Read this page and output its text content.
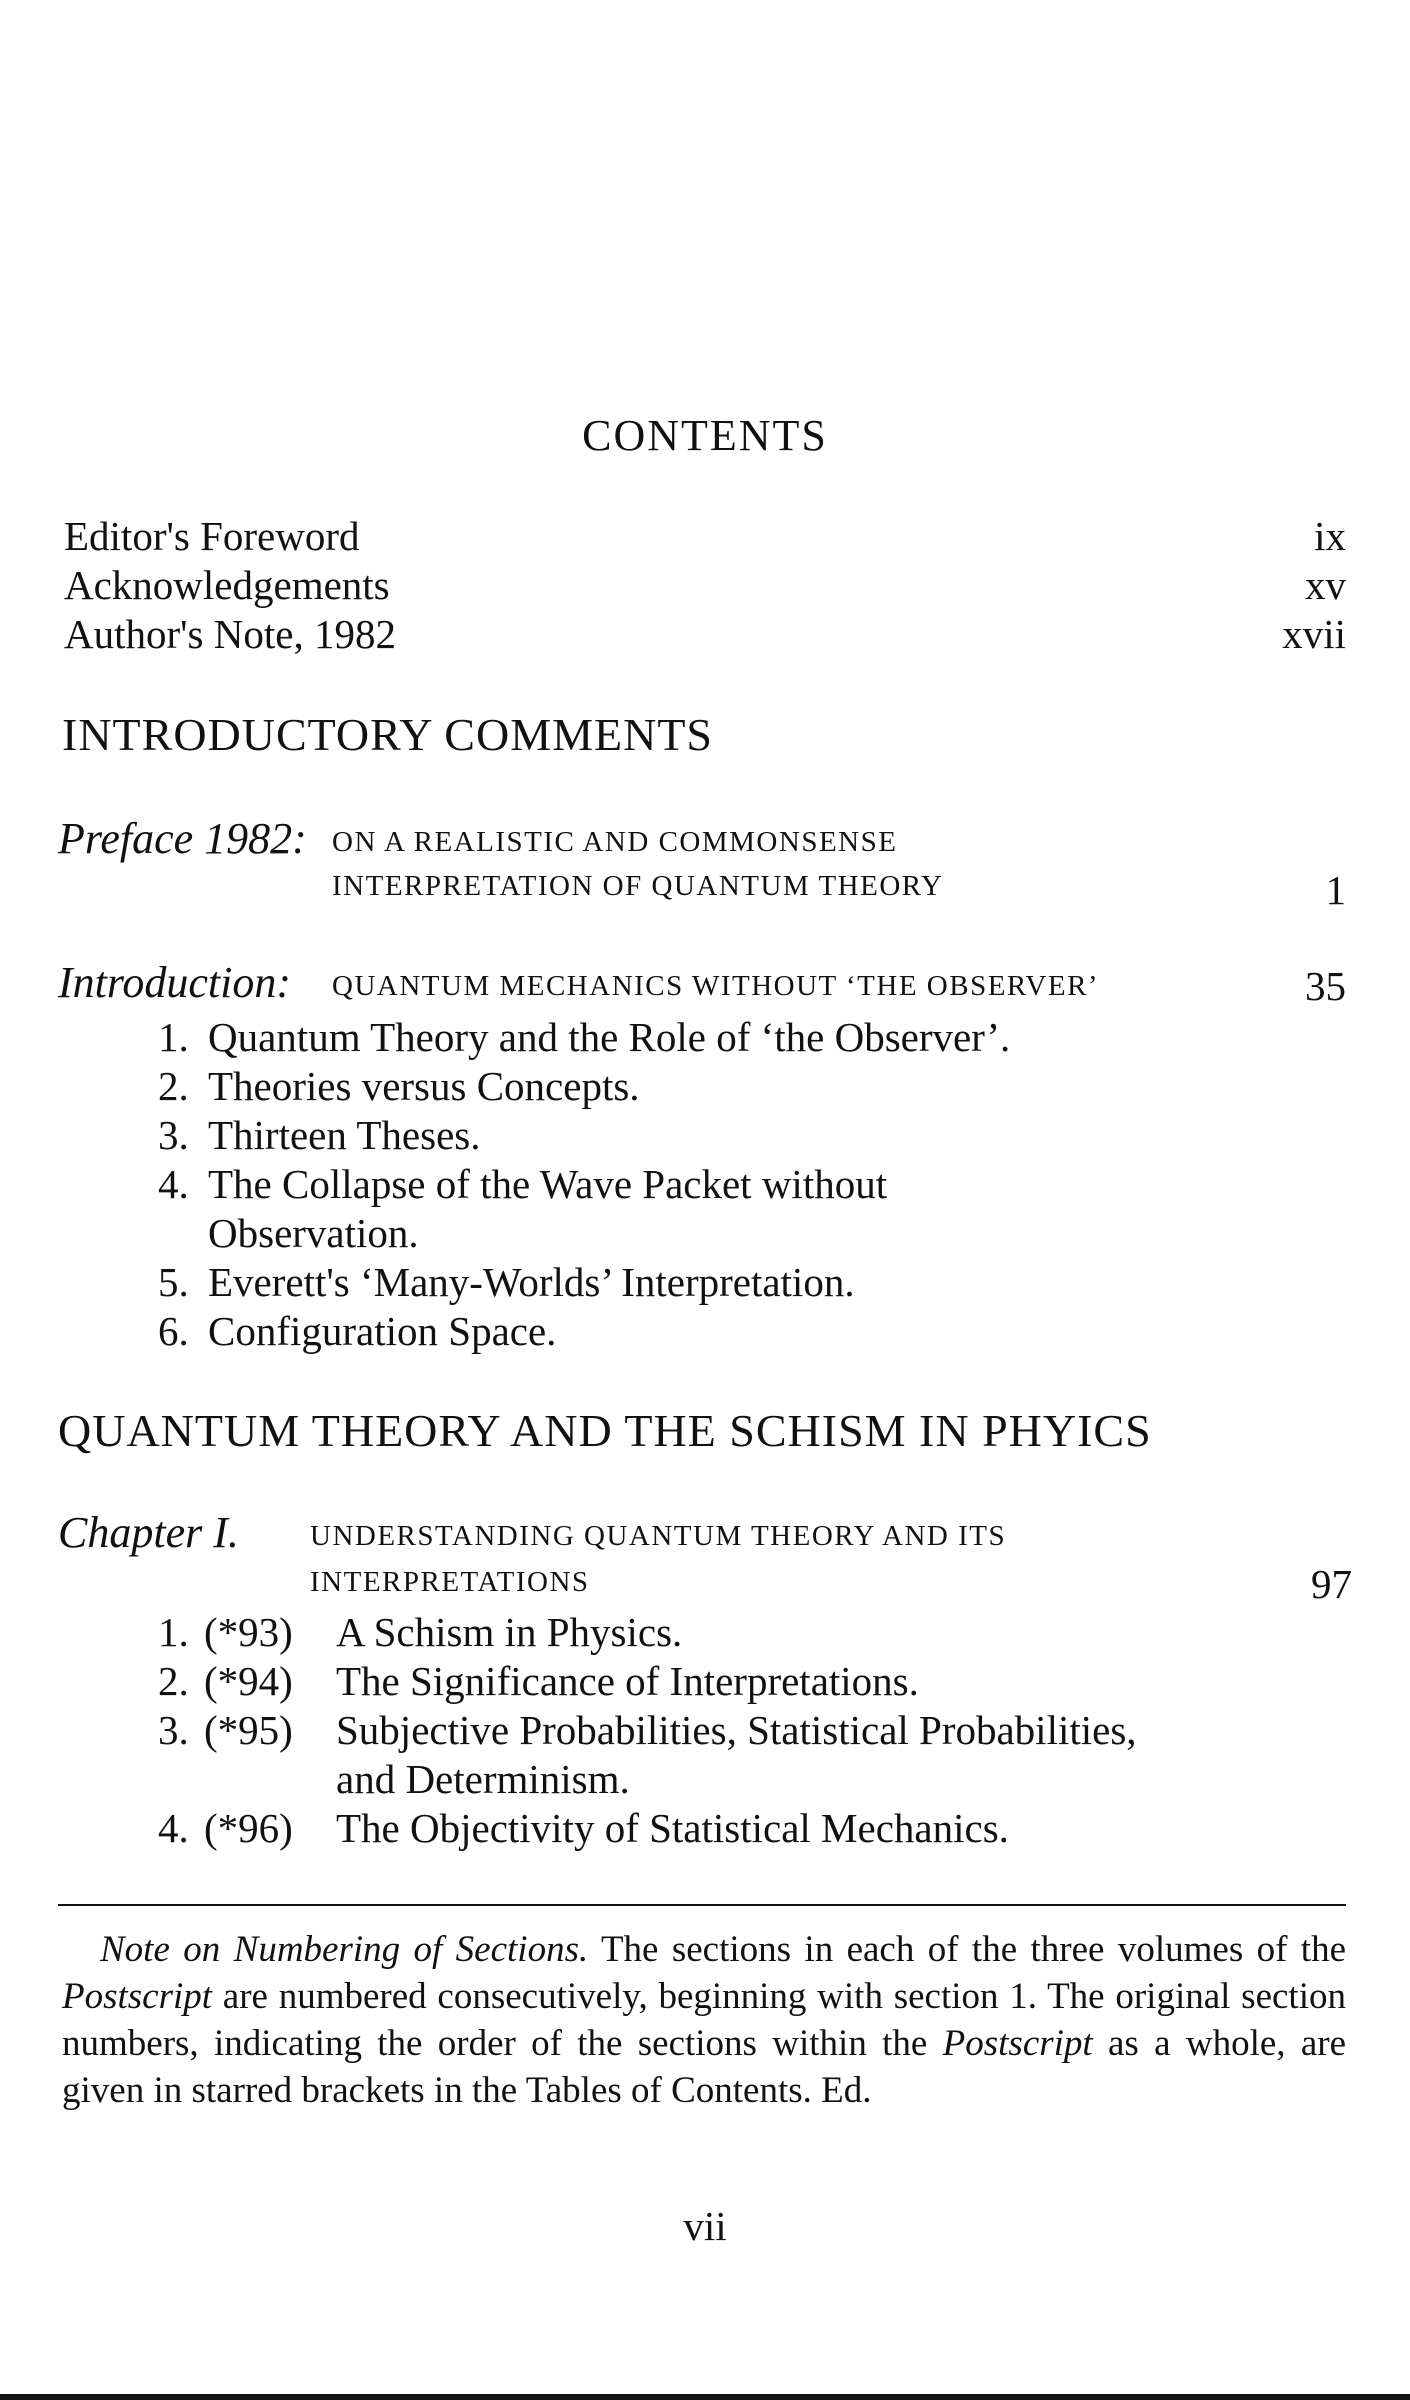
CONTENTS
Editor's Foreword	ix
Acknowledgements	xv
Author's Note, 1982	xvii
INTRODUCTORY COMMENTS
Preface 1982: ON A REALISTIC AND COMMONSENSE
INTERPRETATION OF QUANTUM THEORY	1
Introduction: QUANTUM MECHANICS WITHOUT ‘THE OBSERVER’	35
1. Quantum Theory and the Role of ‘the Observer’.
2. Theories versus Concepts.
3. Thirteen Theses.
4. The Collapse of the Wave Packet without
Observation.
5. Everett's ‘Many-Worlds’ Interpretation.
6. Configuration Space.
QUANTUM THEORY AND THE SCHISM IN PHYICS
Chapter I. UNDERSTANDING QUANTUM THEORY AND ITS
INTERPRETATIONS	97
1. (*93) A Schism in Physics.
2. (*94) The Significance of Interpretations.
3. (*95) Subjective Probabilities, Statistical Probabilities,
and Determinism.
4. (*96) The Objectivity of Statistical Mechanics.
Note on Numbering of Sections. The sections in each of the three volumes of the Postscript are numbered consecutively, beginning with section 1. The original section numbers, indicating the order of the sections within the Postscript as a whole, are given in starred brackets in the Tables of Contents. Ed.
vii
